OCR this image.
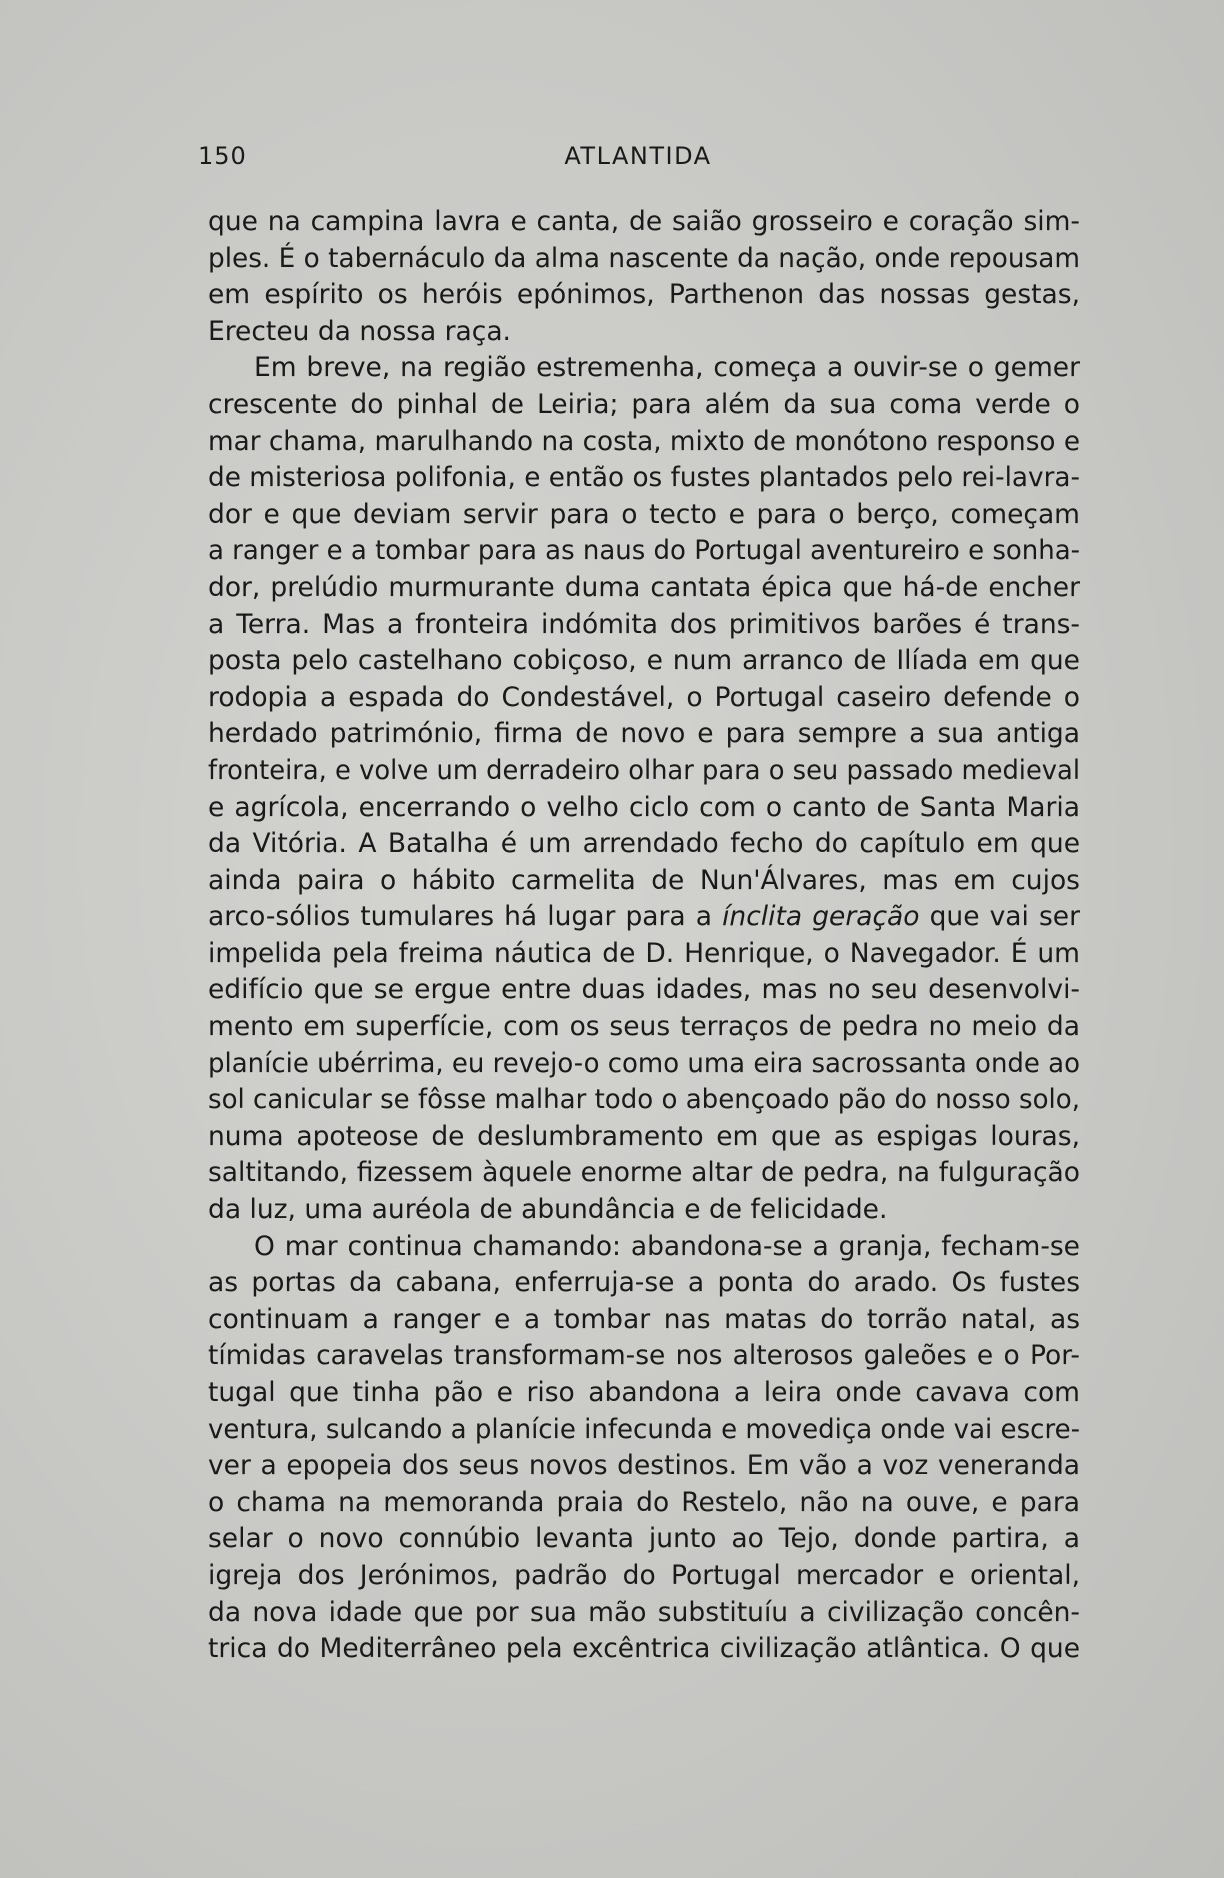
150	ATLANTIDA
que na campina lavra e canta, de saião grosseiro e coração sim-
ples. É o tabernáculo da alma nascente da nação, onde repousam
em espírito os heróis epónimos, Parthenon das nossas gestas,
Erecteu da nossa raça.
Em breve, na região estremenha, começa a ouvir-se o gemer
crescente do pinhal de Leiria; para além da sua coma verde o
mar chama, marulhando na costa, mixto de monótono responso e
de misteriosa polifonia, e então os fustes plantados pelo rei-lavra-
dor e que deviam servir para o tecto e para o berço, começam
a ranger e a tombar para as naus do Portugal aventureiro e sonha-
dor, prelúdio murmurante duma cantata épica que há-de encher
a Terra. Mas a fronteira indómita dos primitivos barões é trans-
posta pelo castelhano cobiçoso, e num arranco de Ilíada em que
rodopia a espada do Condestável, o Portugal caseiro defende o
herdado património, firma de novo e para sempre a sua antiga
fronteira, e volve um derradeiro olhar para o seu passado medieval
e agrícola, encerrando o velho ciclo com o canto de Santa Maria
da Vitória. A Batalha é um arrendado fecho do capítulo em que
ainda paira o hábito carmelita de Nun'Álvares, mas em cujos
arco-sólios tumulares há lugar para a ínclita geração que vai ser
impelida pela freima náutica de D. Henrique, o Navegador. É um
edifício que se ergue entre duas idades, mas no seu desenvolvi-
mento em superfície, com os seus terraços de pedra no meio da
planície ubérrima, eu revejo-o como uma eira sacrossanta onde ao
sol canicular se fôsse malhar todo o abençoado pão do nosso solo,
numa apoteose de deslumbramento em que as espigas louras,
saltitando, fizessem àquele enorme altar de pedra, na fulguração
da luz, uma auréola de abundância e de felicidade.
O mar continua chamando: abandona-se a granja, fecham-se
as portas da cabana, enferruja-se a ponta do arado. Os fustes
continuam a ranger e a tombar nas matas do torrão natal, as
tímidas caravelas transformam-se nos alterosos galeões e o Por-
tugal que tinha pão e riso abandona a leira onde cavava com
ventura, sulcando a planície infecunda e movediça onde vai escre-
ver a epopeia dos seus novos destinos. Em vão a voz veneranda
o chama na memoranda praia do Restelo, não na ouve, e para
selar o novo connúbio levanta junto ao Tejo, donde partira, a
igreja dos Jerónimos, padrão do Portugal mercador e oriental,
da nova idade que por sua mão substituíu a civilização concên-
trica do Mediterrâneo pela excêntrica civilização atlântica. O que
